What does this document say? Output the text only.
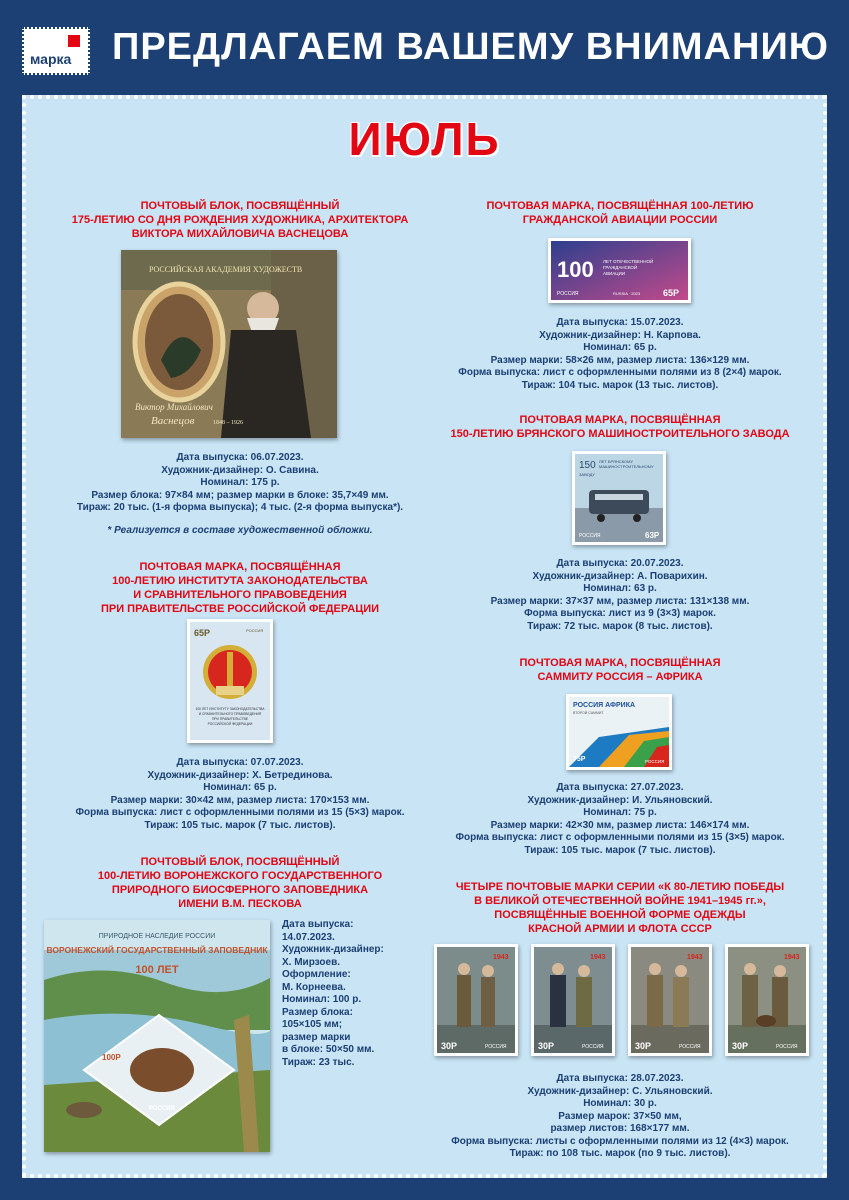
марка ПРЕДЛАГАЕМ ВАШЕМУ ВНИМАНИЮ
ИЮЛЬ
ПОЧТОВЫЙ БЛОК, ПОСВЯЩЁННЫЙ
175-ЛЕТИЮ СО ДНЯ РОЖДЕНИЯ ХУДОЖНИКА, АРХИТЕКТОРА
ВИКТОРА МИХАЙЛОВИЧА ВАСНЕЦОВА
РОССИЙСКАЯ АКАДЕМИЯ ХУДОЖЕСТВ
Виктор Михайлович
Васнецов	1848 – 1926
Дата выпуска: 06.07.2023.
Художник-дизайнер: О. Савина.
Номинал: 175 р.
Размер блока: 97×84 мм; размер марки в блоке: 35,7×49 мм.
Тираж: 20 тыс. (1-я форма выпуска); 4 тыс. (2-я форма выпуска*).
* Реализуется в составе художественной обложки.
ПОЧТОВАЯ МАРКА, ПОСВЯЩЁННАЯ
100-ЛЕТИЮ ИНСТИТУТА ЗАКОНОДАТЕЛЬСТВА
И СРАВНИТЕЛЬНОГО ПРАВОВЕДЕНИЯ
ПРИ ПРАВИТЕЛЬСТВЕ РОССИЙСКОЙ ФЕДЕРАЦИИ
65Р	РОССИЯ
100 ЛЕТ ИНСТИТУТУ ЗАКОНОДАТЕЛЬСТВА
И СРАВНИТЕЛЬНОГО ПРАВОВЕДЕНИЯ
ПРИ ПРАВИТЕЛЬСТВЕ
РОССИЙСКОЙ ФЕДЕРАЦИИ
Дата выпуска: 07.07.2023.
Художник-дизайнер: Х. Бетрединова.
Номинал: 65 р.
Размер марки: 30×42 мм, размер листа: 170×153 мм.
Форма выпуска: лист с оформленными полями из 15 (5×3) марок.
Тираж: 105 тыс. марок (7 тыс. листов).
ПОЧТОВЫЙ БЛОК, ПОСВЯЩЁННЫЙ
100-ЛЕТИЮ ВОРОНЕЖСКОГО ГОСУДАРСТВЕННОГО
ПРИРОДНОГО БИОСФЕРНОГО ЗАПОВЕДНИКА
ИМЕНИ В.М. ПЕСКОВА
ПРИРОДНОЕ НАСЛЕДИЕ РОССИИ
ВОРОНЕЖСКИЙ ГОСУДАРСТВЕННЫЙ ЗАПОВЕДНИК
100 ЛЕТ
100Р
РОССИЯ
Дата выпуска:
14.07.2023.
Художник-дизайнер:
Х. Мирзоев.
Оформление:
М. Корнеева.
Номинал: 100 р.
Размер блока:
105×105 мм;
размер марки
в блоке: 50×50 мм.
Тираж: 23 тыс.
ПОЧТОВАЯ МАРКА, ПОСВЯЩЁННАЯ 100-ЛЕТИЮ
ГРАЖДАНСКОЙ АВИАЦИИ РОССИИ
100 ЛЕТ ОТЕЧЕСТВЕННОЙ
ГРАЖДАНСКОЙ
АВИАЦИИ
РОССИЯ	RUSSIA · 2023	65Р
Дата выпуска: 15.07.2023.
Художник-дизайнер: Н. Карпова.
Номинал: 65 р.
Размер марки: 58×26 мм, размер листа: 136×129 мм.
Форма выпуска: лист с оформленными полями из 8 (2×4) марок.
Тираж: 104 тыс. марок (13 тыс. листов).
ПОЧТОВАЯ МАРКА, ПОСВЯЩЁННАЯ
150-ЛЕТИЮ БРЯНСКОГО МАШИНОСТРОИТЕЛЬНОГО ЗАВОДА
150 ЛЕТ БРЯНСКОМУ
МАШИНОСТРОИТЕЛЬНОМУ
ЗАВОДУ
РОССИЯ	63Р
Дата выпуска: 20.07.2023.
Художник-дизайнер: А. Поварихин.
Номинал: 63 р.
Размер марки: 37×37 мм, размер листа: 131×138 мм.
Форма выпуска: лист из 9 (3×3) марок.
Тираж: 72 тыс. марок (8 тыс. листов).
ПОЧТОВАЯ МАРКА, ПОСВЯЩЁННАЯ
САММИТУ РОССИЯ – АФРИКА
РОССИЯ АФРИКА
ВТОРОЙ САММИТ
75Р	РОССИЯ
Дата выпуска: 27.07.2023.
Художник-дизайнер: И. Ульяновский.
Номинал: 75 р.
Размер марки: 42×30 мм, размер листа: 146×174 мм.
Форма выпуска: лист с оформленными полями из 15 (3×5) марок.
Тираж: 105 тыс. марок (7 тыс. листов).
ЧЕТЫРЕ ПОЧТОВЫЕ МАРКИ СЕРИИ «К 80-ЛЕТИЮ ПОБЕДЫ
В ВЕЛИКОЙ ОТЕЧЕСТВЕННОЙ ВОЙНЕ 1941–1945 гг.»,
ПОСВЯЩЁННЫЕ ВОЕННОЙ ФОРМЕ ОДЕЖДЫ
КРАСНОЙ АРМИИ И ФЛОТА СССР
1943
30Р	РОССИЯ
1943
30Р	РОССИЯ
1943
30Р	РОССИЯ
1943
30Р	РОССИЯ
Дата выпуска: 28.07.2023.
Художник-дизайнер: С. Ульяновский.
Номинал: 30 р.
Размер марок: 37×50 мм,
размер листов: 168×177 мм.
Форма выпуска: листы с оформленными полями из 12 (4×3) марок.
Тираж: по 108 тыс. марок (по 9 тыс. листов).
